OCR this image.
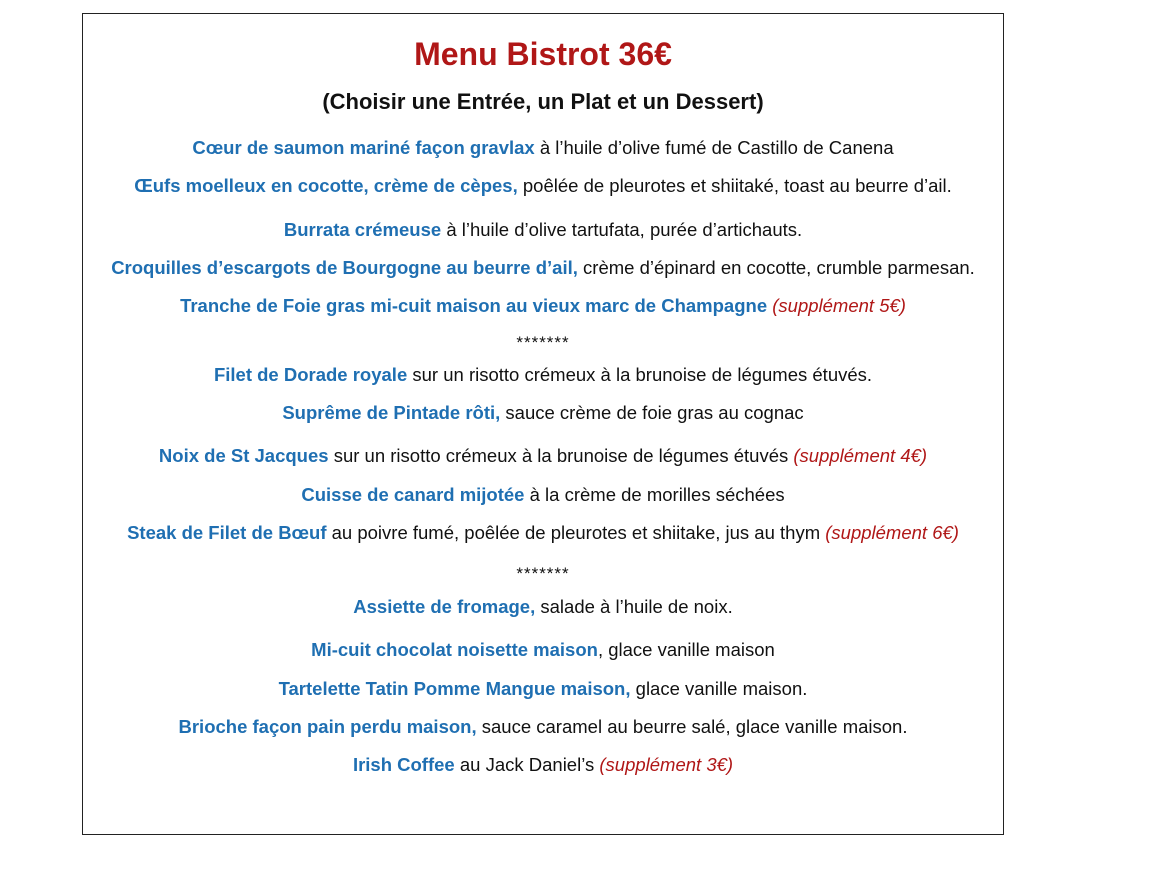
Menu Bistrot 36€
(Choisir une Entrée, un Plat et un Dessert)
Cœur de saumon mariné façon gravlax à l’huile d’olive fumé de Castillo de Canena
Œufs moelleux en cocotte, crème de cèpes, poêlée de pleurotes et shiitaké, toast au beurre d’ail.
Burrata crémeuse à l’huile d’olive tartufata, purée d’artichauts.
Croquilles d’escargots de Bourgogne au beurre d’ail, crème d’épinard en cocotte, crumble parmesan.
Tranche de Foie gras mi-cuit maison au vieux marc de Champagne (supplément 5€)
*******
Filet de Dorade royale sur un risotto crémeux à la brunoise de légumes étuvés.
Suprême de Pintade rôti, sauce crème de foie gras au cognac
Noix de St Jacques sur un risotto crémeux à la brunoise de légumes étuvés (supplément 4€)
Cuisse de canard mijotée à la crème de morilles séchées
Steak de Filet de Bœuf au poivre fumé, poêlée de pleurotes et shiitake, jus au thym (supplément 6€)
*******
Assiette de fromage, salade à l’huile de noix.
Mi-cuit chocolat noisette maison, glace vanille maison
Tartelette Tatin Pomme Mangue maison, glace vanille maison.
Brioche façon pain perdu maison, sauce caramel au beurre salé, glace vanille maison.
Irish Coffee au Jack Daniel’s (supplément 3€)
